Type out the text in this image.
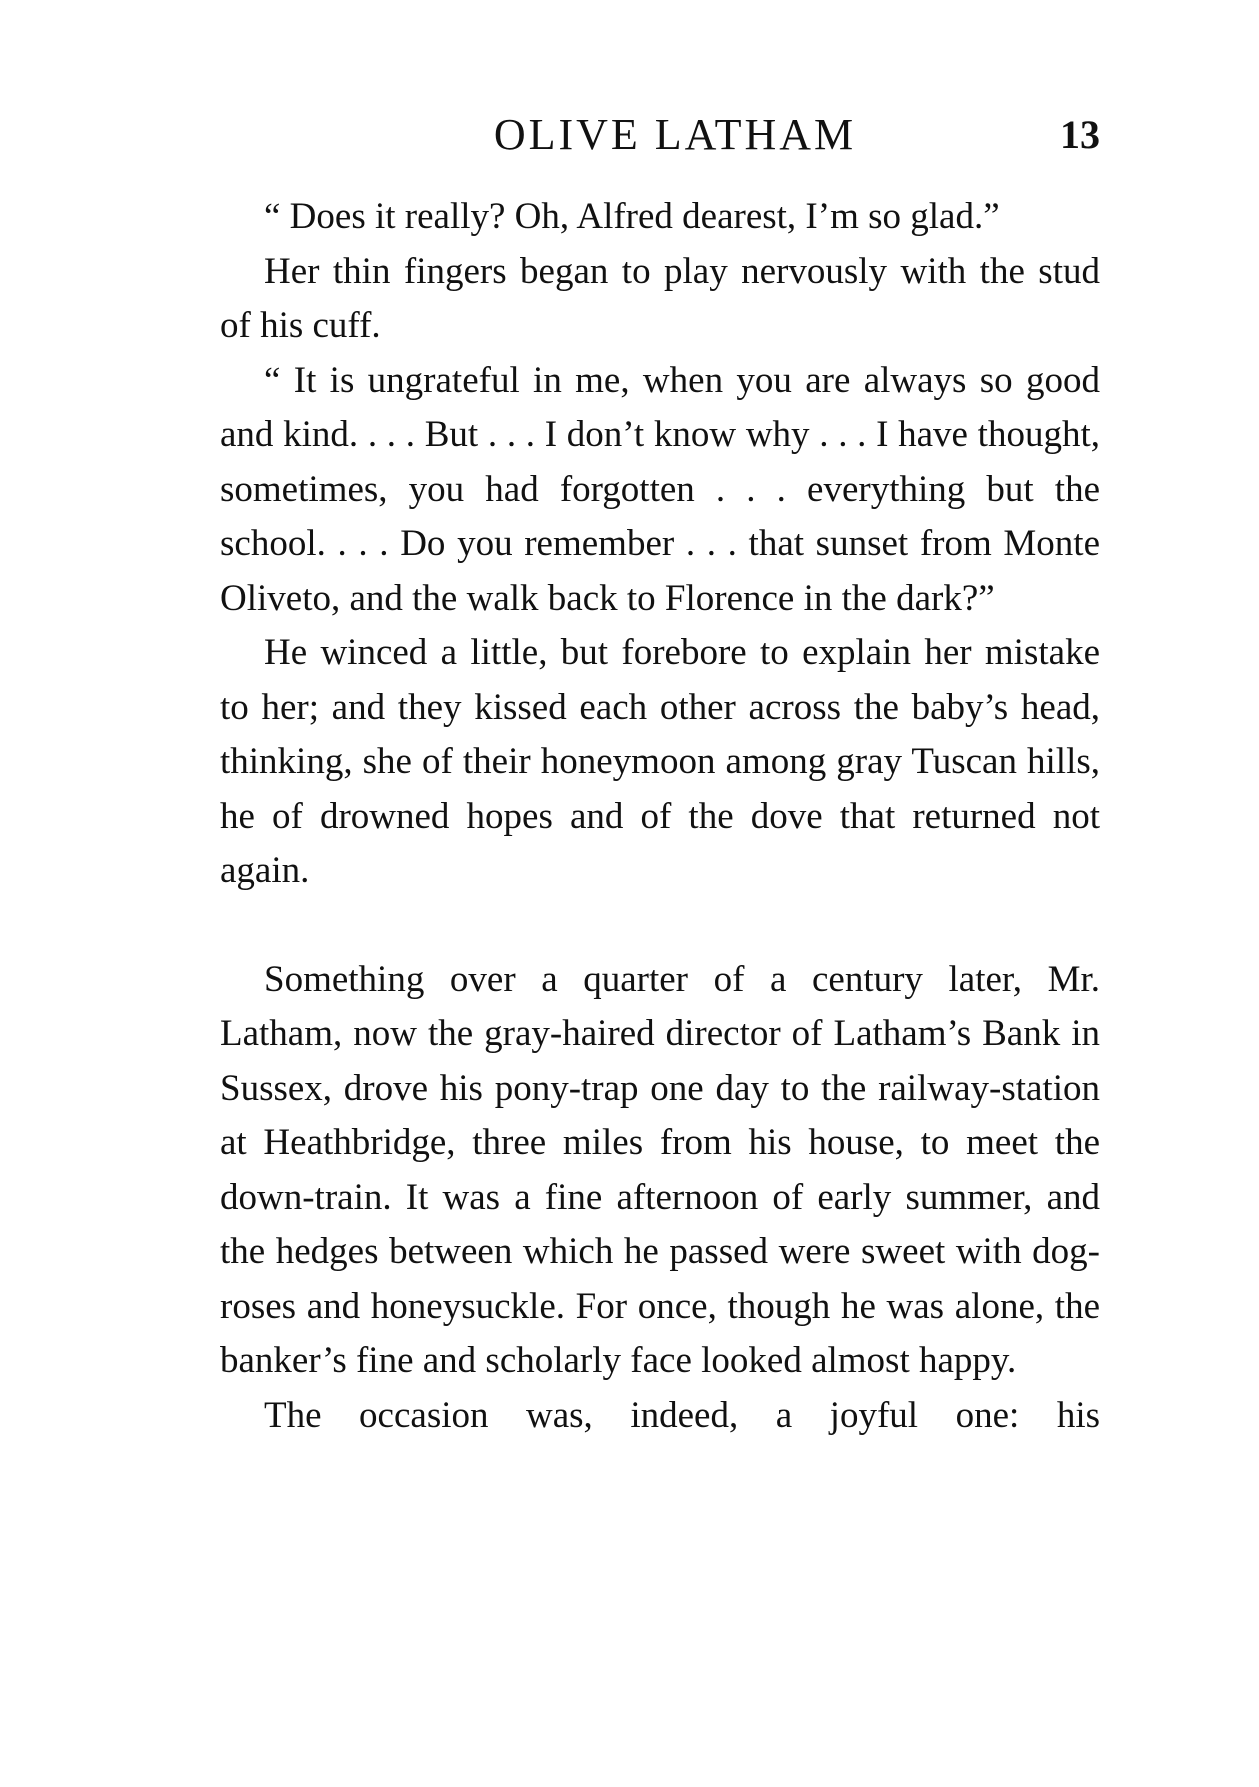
OLIVE LATHAM	13

“ Does it really? Oh, Alfred dearest, I’m so glad.”

Her thin fingers began to play nervously with the stud of his cuff.

“ It is ungrateful in me, when you are always so good and kind. . . . But . . . I don’t know why . . . I have thought, sometimes, you had forgotten . . . everything but the school. . . . Do you remember . . . that sunset from Monte Oliveto, and the walk back to Florence in the dark?”

He winced a little, but forebore to explain her mistake to her; and they kissed each other across the baby’s head, thinking, she of their honeymoon among gray Tuscan hills, he of drowned hopes and of the dove that returned not again.

Something over a quarter of a century later, Mr. Latham, now the gray-haired director of Latham’s Bank in Sussex, drove his pony-trap one day to the railway-station at Heathbridge, three miles from his house, to meet the down-train. It was a fine afternoon of early summer, and the hedges between which he passed were sweet with dog-roses and honeysuckle. For once, though he was alone, the banker’s fine and scholarly face looked almost happy.

The occasion was, indeed, a joyful one: his
